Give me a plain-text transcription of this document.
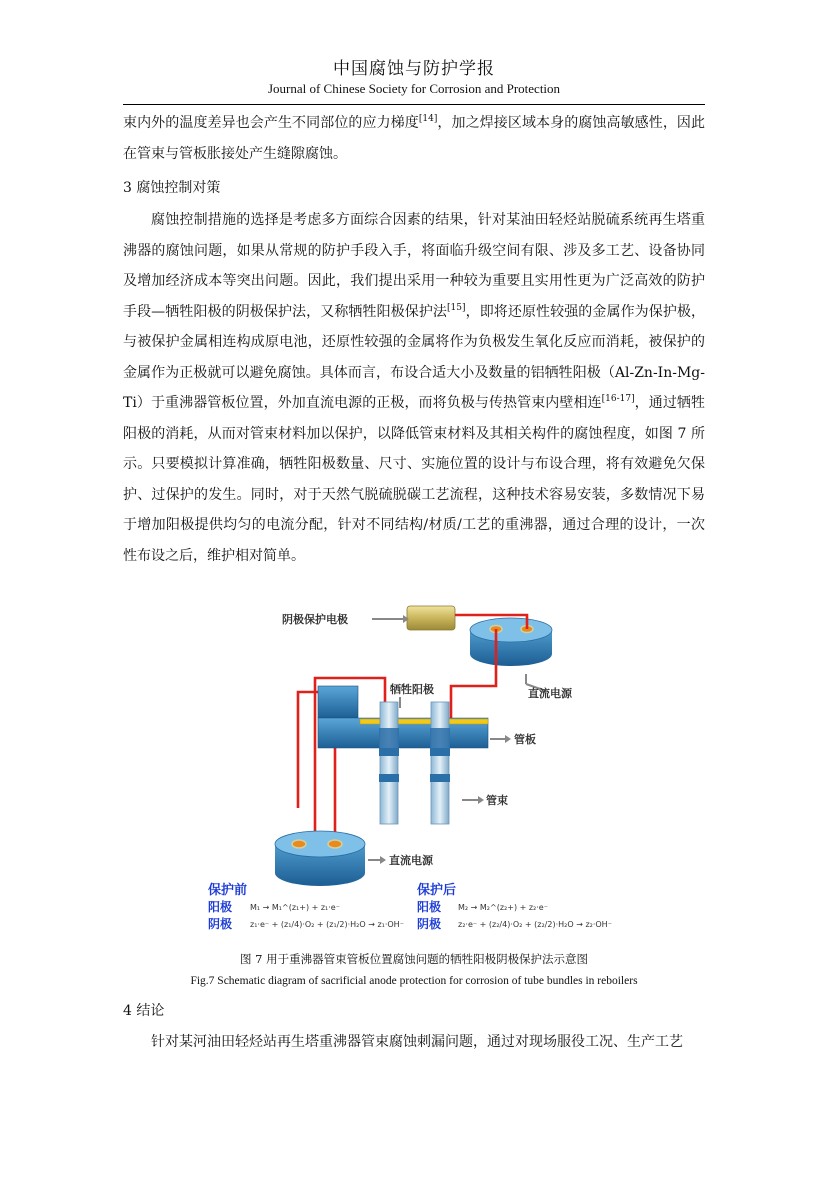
中国腐蚀与防护学报
Journal of Chinese Society for Corrosion and Protection

束内外的温度差异也会产生不同部位的应力梯度[14]，加之焊接区域本身的腐蚀高敏感性，因此在管束与管板胀接处产生缝隙腐蚀。

3 腐蚀控制对策

腐蚀控制措施的选择是考虑多方面综合因素的结果，针对某油田轻烃站脱硫系统再生塔重沸器的腐蚀问题，如果从常规的防护手段入手，将面临升级空间有限、涉及多工艺、设备协同及增加经济成本等突出问题。因此，我们提出采用一种较为重要且实用性更为广泛高效的防护手段—牺牲阳极的阴极保护法，又称牺牲阳极保护法[15]，即将还原性较强的金属作为保护极，与被保护金属相连构成原电池，还原性较强的金属将作为负极发生氧化反应而消耗，被保护的金属作为正极就可以避免腐蚀。具体而言，布设合适大小及数量的铝牺牲阳极（Al-Zn-In-Mg-Ti）于重沸器管板位置，外加直流电源的正极，而将负极与传热管束内壁相连[16-17]，通过牺牲阳极的消耗，从而对管束材料加以保护，以降低管束材料及其相关构件的腐蚀程度，如图 7 所示。只要模拟计算准确，牺牲阳极数量、尺寸、实施位置的设计与布设合理，将有效避免欠保护、过保护的发生。同时，对于天然气脱硫脱碳工艺流程，这种技术容易安装，多数情况下易于增加阳极提供均匀的电流分配，针对不同结构/材质/工艺的重沸器，通过合理的设计，一次性布设之后，维护相对简单。

阴极保护电极
直流电源
牺牲阳极
管板
管束
直流电源
保护前
阳极 M₁ → M₁^(z₁+) + z₁·e⁻
阴极 z₁·e⁻ + (z₁/4)·O₂ + (z₁/2)·H₂O → z₁·OH⁻
保护后
阳极 M₂ → M₂^(z₂+) + z₂·e⁻
阴极 z₂·e⁻ + (z₂/4)·O₂ + (z₂/2)·H₂O → z₂·OH⁻
图 7 用于重沸器管束管板位置腐蚀问题的牺牲阳极阴极保护法示意图
Fig.7 Schematic diagram of sacrificial anode protection for corrosion of tube bundles in reboilers
4 结论

针对某河油田轻烃站再生塔重沸器管束腐蚀刺漏问题，通过对现场服役工况、生产工艺
